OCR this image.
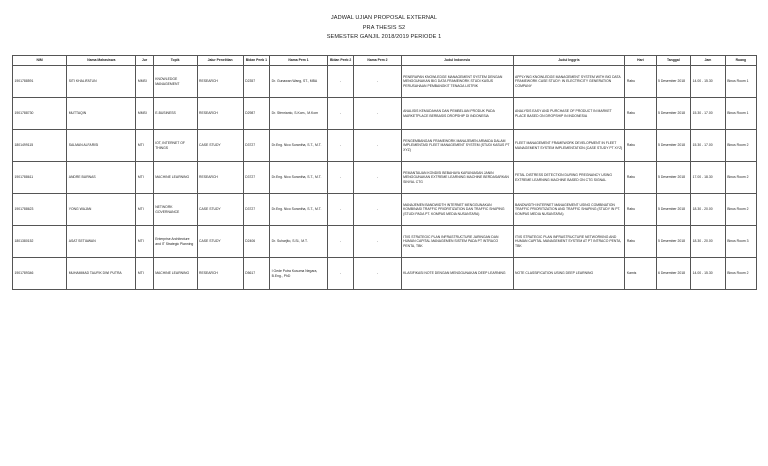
JADWAL UJIAN PROPOSAL EXTERNAL
PRA THESIS S2
SEMESTER GANJIL 2018/2019 PERIODE 1
NIM	Nama Mahasiswa	Jur	Topik	Jalur Penelitian	Bidan Peeb 1	Nama Pem 1	Bidan Peeb 2	Nama Pem 2	Judul Indonesia	Judul Inggris	Hari	Tanggal	Jam	Ruang
1901788591	SITI KHALIFATUN	MMSI	KNOWLEDGE MANAGEMENT	RESEARCH	D2357	Dr. Gunawan Wang, ST., MBA	-	-	PENERAPAN KNOWLEDGE MANAGEMENT SYSTEM DENGAN MENGGUNAKAN BIG DATA FRAMEWORK STUDI KASUS PERUSAHAAN PEMBANGKIT TENAGA LISTRIK	APPLYING KNOWLEDGE MANAGEMENT SYSTEM WITH BIG DATA FRAMEWORK CASE STUDY: IN ELECTRICITY GENERATION COMPANY	Rabu	5 Desember 2018	14.00 - 15.30	Binus Room 1
1901788730	MUTTAQIN	MMSI	E-BUSINESS	RESEARCH	D2987	Dr. Sfenrianto, S.Kom., M.Kom	-	-	ANALISIS KEMUDAHAN DAN PEMBELIAN PRODUK PADA MARKETPLACE BERBASIS DROPSHIP DI INDONESIA	ANALYSIS EASY AND PURCHASE OF PRODUCT IN MARKET PLACE BASED ON DROPSHIP IN INDONESIA	Rabu	5 Desember 2018	15.30 - 17.00	Binus Room 1
1801499115	SALMAN ALFARISI	MTI	IOT, INTERNET OF THINGS	CASE STUDY	D3727	Dr.Eng. Nico Surantha, S.T., M.T.	-	-	PENGEMBANGAN FRAMEWORK MANAJEMEN ARMADA DALAM IMPLEMENTASI FLEET MANAGEMENT SYSTEM (STUDI KASUS PT XYZ)	FLEET MANAGEMENT FRAMEWORK DEVELOPMENT IN FLEET MANAGEMENT SYSTEM IMPLEMENTATION (CASE STUDY PT XYZ)	Rabu	5 Desember 2018	15.30 - 17.00	Binus Room 2
1901788611	ANDRE BURNAS	MTI	MACHINE LEARNING	RESEARCH	D3727	Dr.Eng. Nico Surantha, S.T., M.T.	-	-	PEMANTAUAN KONDISI BEBAHAYA KARUNIASAN JANIN MENGGUNAKAN EXTREME LEARNING MACHINE BERDASARKAN SINYAL CTG	FETAL DISTRESS DETECTION DURING PREGNANCY USING EXTREME LEARNING MACHINE BASED ON CTG SIGNAL	Rabu	5 Desember 2018	17.00 - 18.30	Binus Room 2
1901788623	YONG WAJAN	MTI	NETWORK GOVERNANCE	CASE STUDY	D3727	Dr.Eng. Nico Surantha, S.T., M.T.	-	-	MANAJEMEN BANDWIDTH INTERNET MENGGUNAKAN KOMBINASI TRAFFIC PRIORITIZATION DAN TRAFFIC SHAPING (STUDI PADA PT. KOMPAS MEDIA NUSANTARA)	BANDWIDTH INTERNET MANAGEMENT USING COMBINATION TRAFFIC PRIORITIZATION AND TRAFFIC SHAPING (STUDY IN PT. KOMPAS MEDIA NUSANTARA)	Rabu	5 Desember 2018	18.30 - 20.00	Binus Room 2
1801380152	ASAT SETIAWAN	MTI	Enterprise Architecture and IT Strategic Planning	CASE STUDY	D2406	Dr. Suharjito, S.Si., M.T.	-	-	IT/IS STRATEGIC PLAN INFRASTRUCTURE JARINGAN DAN HUMAN CAPITAL MANAGEMEN SISTEM PADA PT INTRACO PENTA, TBK	IT/IS STRATEGIC PLAN INFRASTRUCTURE NETWORKING AND HUMAN CAPITAL MANAGEMENT SYSTEM AT PT INTRACO PENTA, TBK	Rabu	5 Desember 2018	18.30 - 20.00	Binus Room 3
1901789346	MUHAMMAD TAUFIK DWI PUTRA	MTI	MACHINE LEARNING	RESEARCH	D5617	I Gede Putra Kusuma Negara, B.Eng., PhD	-	-	KLASIFIKASI NOTE DENGAN MENGGUNAKAN DEEP LEARNING	NOTE CLASSIFICATION USING DEEP LEARNING	Kamis	6 Desember 2018	14.00 - 15.30	Binus Room 2
